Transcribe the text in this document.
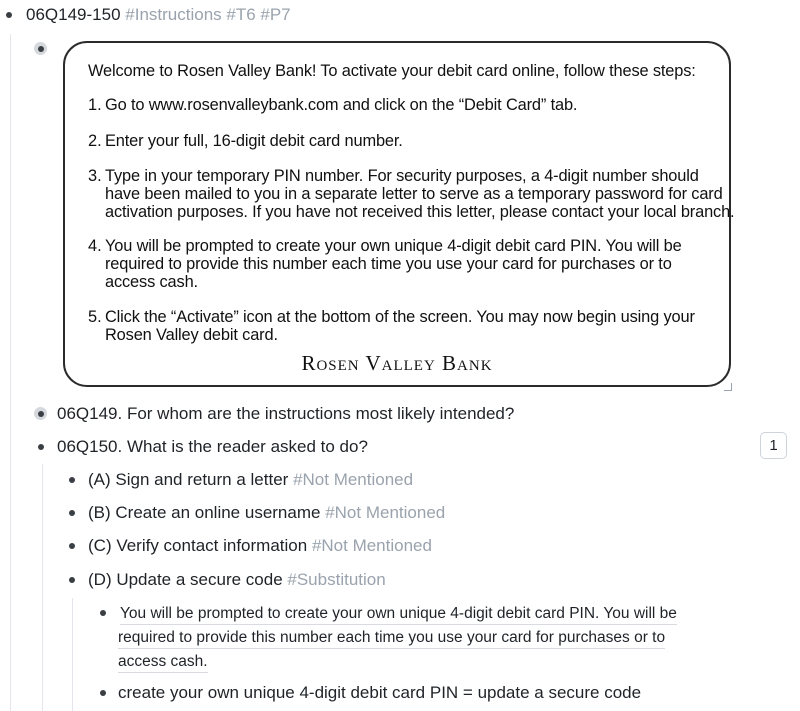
06Q149-150 #Instructions #T6 #P7
Welcome to Rosen Valley Bank! To activate your debit card online, follow these steps:
1. Go to www.rosenvalleybank.com and click on the “Debit Card” tab.
2. Enter your full, 16-digit debit card number.
3. Type in your temporary PIN number. For security purposes, a 4-digit number should
have been mailed to you in a separate letter to serve as a temporary password for card
activation purposes. If you have not received this letter, please contact your local branch.
4. You will be prompted to create your own unique 4-digit debit card PIN. You will be
required to provide this number each time you use your card for purchases or to
access cash.
5. Click the “Activate” icon at the bottom of the screen. You may now begin using your
Rosen Valley debit card.
Rosen Valley Bank
06Q149. For whom are the instructions most likely intended?
06Q150. What is the reader asked to do?	1
(A) Sign and return a letter #Not Mentioned
(B) Create an online username #Not Mentioned
(C) Verify contact information #Not Mentioned
(D) Update a secure code #Substitution
You will be prompted to create your own unique 4-digit debit card PIN. You will be
required to provide this number each time you use your card for purchases or to
access cash.
create your own unique 4-digit debit card PIN = update a secure code
